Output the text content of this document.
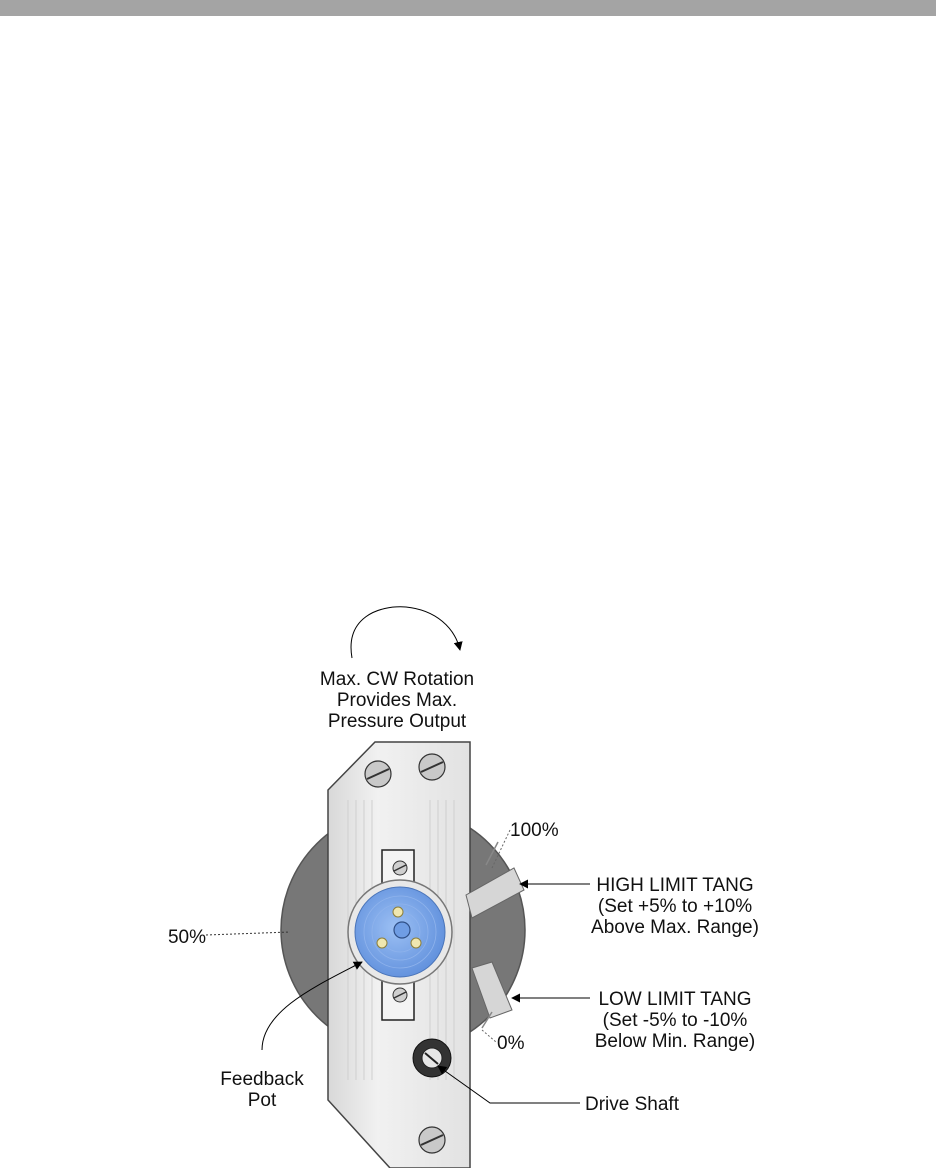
Max. CW Rotation
Provides Max.
Pressure Output
100%
50%
0%
HIGH LIMIT TANG
(Set +5% to +10%
Above Max. Range)
LOW LIMIT TANG
(Set -5% to -10%
Below Min. Range)
Feedback
Pot	Drive Shaft
